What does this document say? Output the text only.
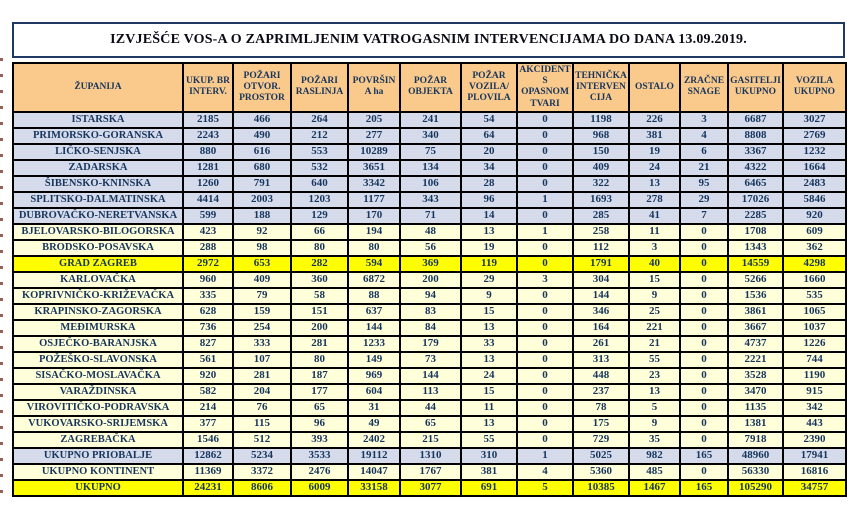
IZVJEŠĆE VOS-A O ZAPRIMLJENIM VATROGASNIM INTERVENCIJAMA DO DANA 13.09.2019.
ŽUPANIJA	UKUP. BR INTERV.	POŽARI OTVOR. PROSTOR	POŽARI RASLINJA	POVRŠINA ha	POŽAR OBJEKTA	POŽAR VOZILA/ PLOVILA	AKCIDENT S OPASNOM TVARI	TEHNIČKA INTERVENCIJA	OSTALO	ZRAČNE SNAGE	GASITELJI UKUPNO	VOZILA UKUPNO
ISTARSKA	2185	466	264	205	241	54	0	1198	226	3	6687	3027
PRIMORSKO-GORANSKA	2243	490	212	277	340	64	0	968	381	4	8808	2769
LIČKO-SENJSKA	880	616	553	10289	75	20	0	150	19	6	3367	1232
ZADARSKA	1281	680	532	3651	134	34	0	409	24	21	4322	1664
ŠIBENSKO-KNINSKA	1260	791	640	3342	106	28	0	322	13	95	6465	2483
SPLITSKO-DALMATINSKA	4414	2003	1203	1177	343	96	1	1693	278	29	17026	5846
DUBROVAČKO-NERETVANSKA	599	188	129	170	71	14	0	285	41	7	2285	920
BJELOVARSKO-BILOGORSKA	423	92	66	194	48	13	1	258	11	0	1708	609
BRODSKO-POSAVSKA	288	98	80	80	56	19	0	112	3	0	1343	362
GRAD ZAGREB	2972	653	282	594	369	119	0	1791	40	0	14559	4298
KARLOVAČKA	960	409	360	6872	200	29	3	304	15	0	5266	1660
KOPRIVNIČKO-KRIŽEVAČKA	335	79	58	88	94	9	0	144	9	0	1536	535
KRAPINSKO-ZAGORSKA	628	159	151	637	83	15	0	346	25	0	3861	1065
MEĐIMURSKA	736	254	200	144	84	13	0	164	221	0	3667	1037
OSJEČKO-BARANJSKA	827	333	281	1233	179	33	0	261	21	0	4737	1226
POŽEŠKO-SLAVONSKA	561	107	80	149	73	13	0	313	55	0	2221	744
SISAČKO-MOSLAVAČKA	920	281	187	969	144	24	0	448	23	0	3528	1190
VARAŽDINSKA	582	204	177	604	113	15	0	237	13	0	3470	915
VIROVITIČKO-PODRAVSKA	214	76	65	31	44	11	0	78	5	0	1135	342
VUKOVARSKO-SRIJEMSKA	377	115	96	49	65	13	0	175	9	0	1381	443
ZAGREBAČKA	1546	512	393	2402	215	55	0	729	35	0	7918	2390
UKUPNO PRIOBALJE	12862	5234	3533	19112	1310	310	1	5025	982	165	48960	17941
UKUPNO KONTINENT	11369	3372	2476	14047	1767	381	4	5360	485	0	56330	16816
UKUPNO	24231	8606	6009	33158	3077	691	5	10385	1467	165	105290	34757
